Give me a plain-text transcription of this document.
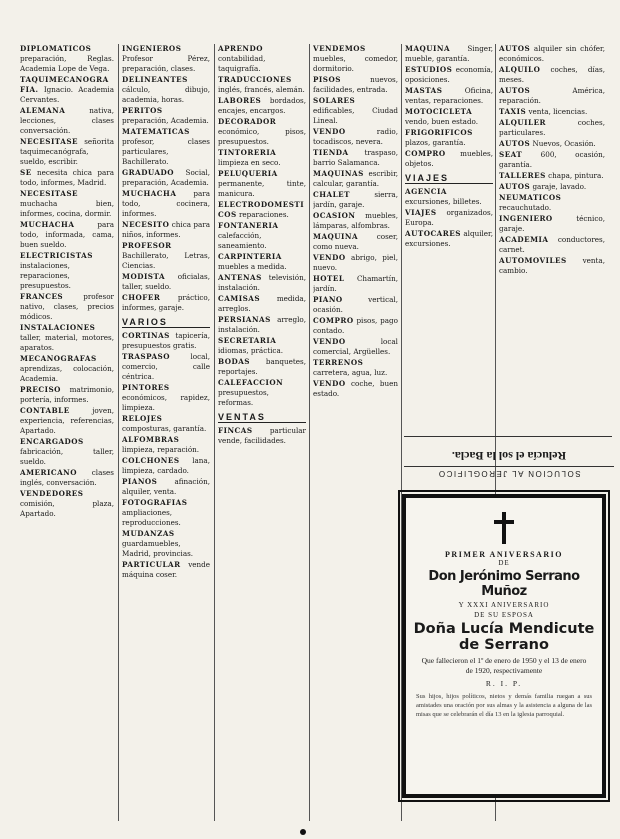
DIPLOMATICOS preparación, Reglas. Academia Lope de Vega.
TAQUIMECANOGRAFIA. Ignacio. Academia Cervantes.
ALEMANA	nativa, lecciones, clases conversación.
NECESITASE señorita taquimecanógrafa, sueldo, escribir.
SE necesita chica para todo, informes, Madrid.
NECESITASE muchacha bien, informes, cocina, dormir.
MUCHACHA	para todo, informada, cama, buen sueldo.
ELECTRICISTAS instalaciones, reparaciones, presupuestos.
FRANCES	profesor nativo, clases, precios módicos.
INSTALACIONES taller, material, motores, aparatos.
MECANOGRAFAS aprendizas, colocación, Academia.
PRECISO matrimonio, portería, informes.
CONTABLE	joven, experiencia, referencias, Apartado.
ENCARGADOS fabricación, taller, sueldo.
AMERICANO clases inglés, conversación.
VENDEDORES comisión, plaza, Apartado.
INGENIEROS Profesor Pérez, preparación, clases.
DELINEANTES cálculo, dibujo, academia, horas.
PERITOS preparación, Academia.
MATEMATICAS profesor, clases particulares, Bachillerato.
GRADUADO Social, preparación, Academia.
MUCHACHA para todo, cocinera, informes.
NECESITO chica para niños, informes.
PROFESOR Bachillerato, Letras, Ciencias.
MODISTA oficialas, taller, sueldo.
CHOFER práctico, informes, garaje.
VARIOS
CORTINAS tapicería, presupuestos gratis.
TRASPASO	local, comercio, calle céntrica.
PINTORES económicos, rapidez, limpieza.
RELOJES composturas, garantía.
ALFOMBRAS limpieza, reparación.
COLCHONES lana, limpieza, cardado.
PIANOS afinación, alquiler, venta.
FOTOGRAFIAS ampliaciones, reproducciones.
MUDANZAS guardamuebles, Madrid, provincias.
PARTICULAR vende máquina coser.
APRENDO contabilidad, taquigrafía.
TRADUCCIONES inglés, francés, alemán.
LABORES bordados, encajes, encargos.
DECORADOR económico, pisos, presupuestos.
TINTORERIA limpieza en seco.
PELUQUERIA permanente, tinte, manicura.
ELECTRODOMESTICOS reparaciones.
FONTANERIA calefacción, saneamiento.
CARPINTERIA muebles a medida.
ANTENAS televisión, instalación.
CAMISAS medida, arreglos.
PERSIANAS arreglo, instalación.
SECRETARIA idiomas, práctica.
BODAS banquetes, reportajes.
CALEFACCION presupuestos, reformas.
VENTAS
FINCAS particular vende, facilidades.
VENDEMOS muebles, comedor, dormitorio.
PISOS	nuevos, facilidades, entrada.
SOLARES edificables, Ciudad Lineal.
VENDO	radio, tocadiscos, nevera.
TIENDA traspaso, barrio Salamanca.
MAQUINAS escribir, calcular, garantía.
CHALET	sierra, jardín, garaje.
OCASION muebles, lámparas, alfombras.
MAQUINA	coser, como nueva.
VENDO abrigo, piel, nuevo.
HOTEL Chamartín, jardín.
PIANO	vertical, ocasión.
COMPRO pisos, pago contado.
VENDO	local comercial, Argüelles.
TERRENOS carretera, agua, luz.
VENDO coche, buen estado.
MAQUINA Singer, mueble, garantía.
ESTUDIOS economía, oposiciones.
MASTAS	Oficina, ventas, reparaciones.
MOTOCICLETA vendo, buen estado.
FRIGORIFICOS plazos, garantía.
COMPRO muebles, objetos.
VIAJES
AGENCIA excursiones, billetes.
VIAJES organizados, Europa.
AUTOCARES alquiler, excursiones.
AUTOS alquiler sin chófer, económicos.
ALQUILO coches, días, meses.
AUTOS	América, reparación.
TAXIS venta, licencias.
ALQUILER	coches, particulares.
AUTOS Nuevos, Ocasión.
SEAT	600, ocasión, garantía.
TALLERES chapa, pintura.
AUTOS garaje, lavado.
NEUMATICOS recauchutado.
INGENIERO	técnico, garaje.
ACADEMIA conductores, carnet.
AUTOMOVILES venta, cambio.
SOLUCION AL JEROGLIFICO
Relucía el sol la Bacla.
PRIMER ANIVERSARIO
DE
Don Jerónimo Serrano Muñoz
Y XXXI ANIVERSARIO
DE SU ESPOSA
Doña Lucía Mendicute
de Serrano
Que fallecieron el 1º de enero de 1950 y el 13 de enero de 1920, respectivamente
R. I. P.
Sus hijos, hijos políticos, nietos y demás familia ruegan a sus amistades una oración por sus almas y la asistencia a alguna de las misas que se celebrarán el día 13 en la iglesia parroquial.
